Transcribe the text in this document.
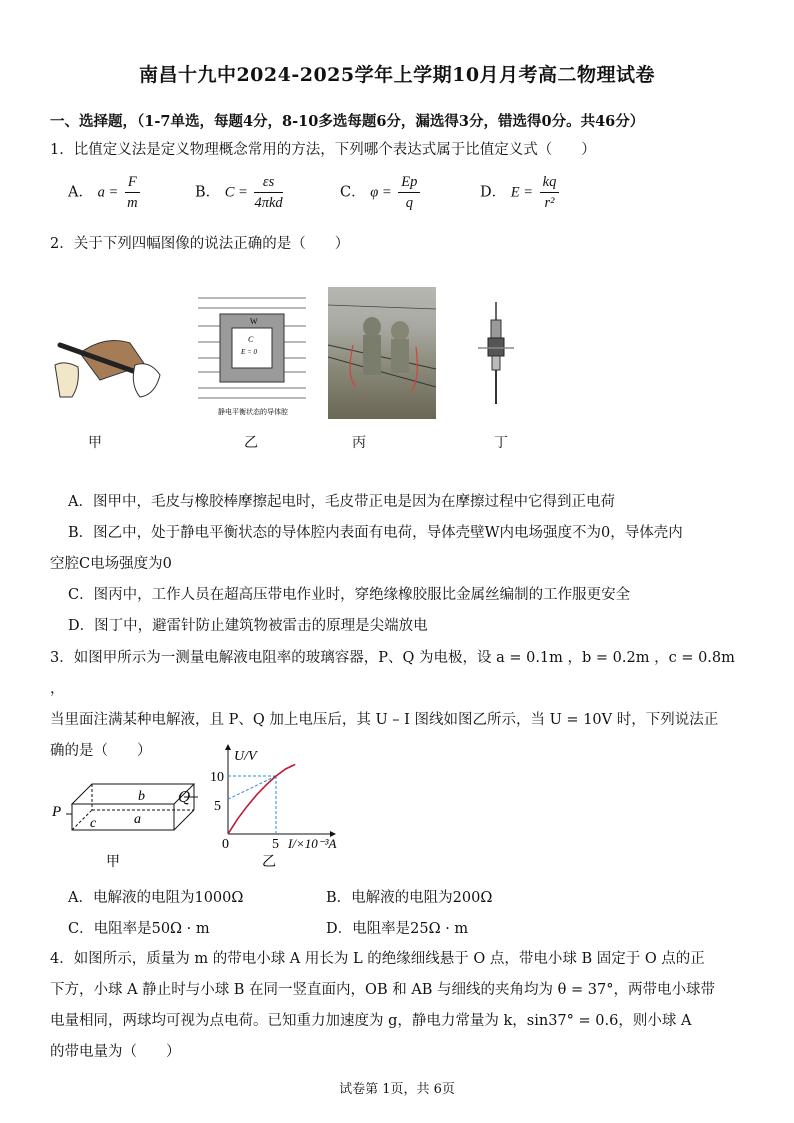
南昌十九中2024-2025学年上学期10月月考高二物理试卷
一、选择题，（1-7单选，每题4分，8-10多选每题6分，漏选得3分，错选得0分。共46分）
1．比值定义法是定义物理概念常用的方法，下列哪个表达式属于比值定义式（　　）
A． $a = \frac{F}{m}$	B． $C = \frac{\varepsilon s}{\text{4πkd}}$	C． $\varphi = \frac{Ep}{q}$	D． $E = \frac{kq}{\text{r²}}$
2．关于下列四幅图像的说法正确的是（　　）
W
C
E = 0
静电平衡状态的导体腔
甲	乙	丙	丁
A．图甲中，毛皮与橡胶棒摩擦起电时，毛皮带正电是因为在摩擦过程中它得到正电荷
B．图乙中，处于静电平衡状态的导体腔内表面有电荷，导体壳壁W内电场强度不为0，导体壳内
空腔C电场强度为0
C．图丙中，工作人员在超高压带电作业时，穿绝缘橡胶服比金属丝编制的工作服更安全
D．图丁中，避雷针防止建筑物被雷击的原理是尖端放电
3．如图甲所示为一测量电解液电阻率的玻璃容器，P、Q 为电极，设 a = 0.1m ，b = 0.2m ，c = 0.8m ，
当里面注满某种电解液，且 P、Q 加上电压后，其 U – I 图线如图乙所示，当 U = 10V 时，下列说法正
确的是（　　）
P
b
a
c
甲
Q
U/V
10
5
0	5 I/×10⁻³A
乙
A．电解液的电阻为1000Ω	B．电解液的电阻为200Ω
C．电阻率是50Ω · m	D．电阻率是25Ω · m
4．如图所示，质量为 m 的带电小球 A 用长为 L 的绝缘细线悬于 O 点，带电小球 B 固定于 O 点的正
下方，小球 A 静止时与小球 B 在同一竖直面内，OB 和 AB 与细线的夹角均为 θ = 37°，两带电小球带
电量相同，两球均可视为点电荷。已知重力加速度为 g，静电力常量为 k，sin37° = 0.6，则小球 A
的带电量为（　　）
试卷第 1页，共 6页
